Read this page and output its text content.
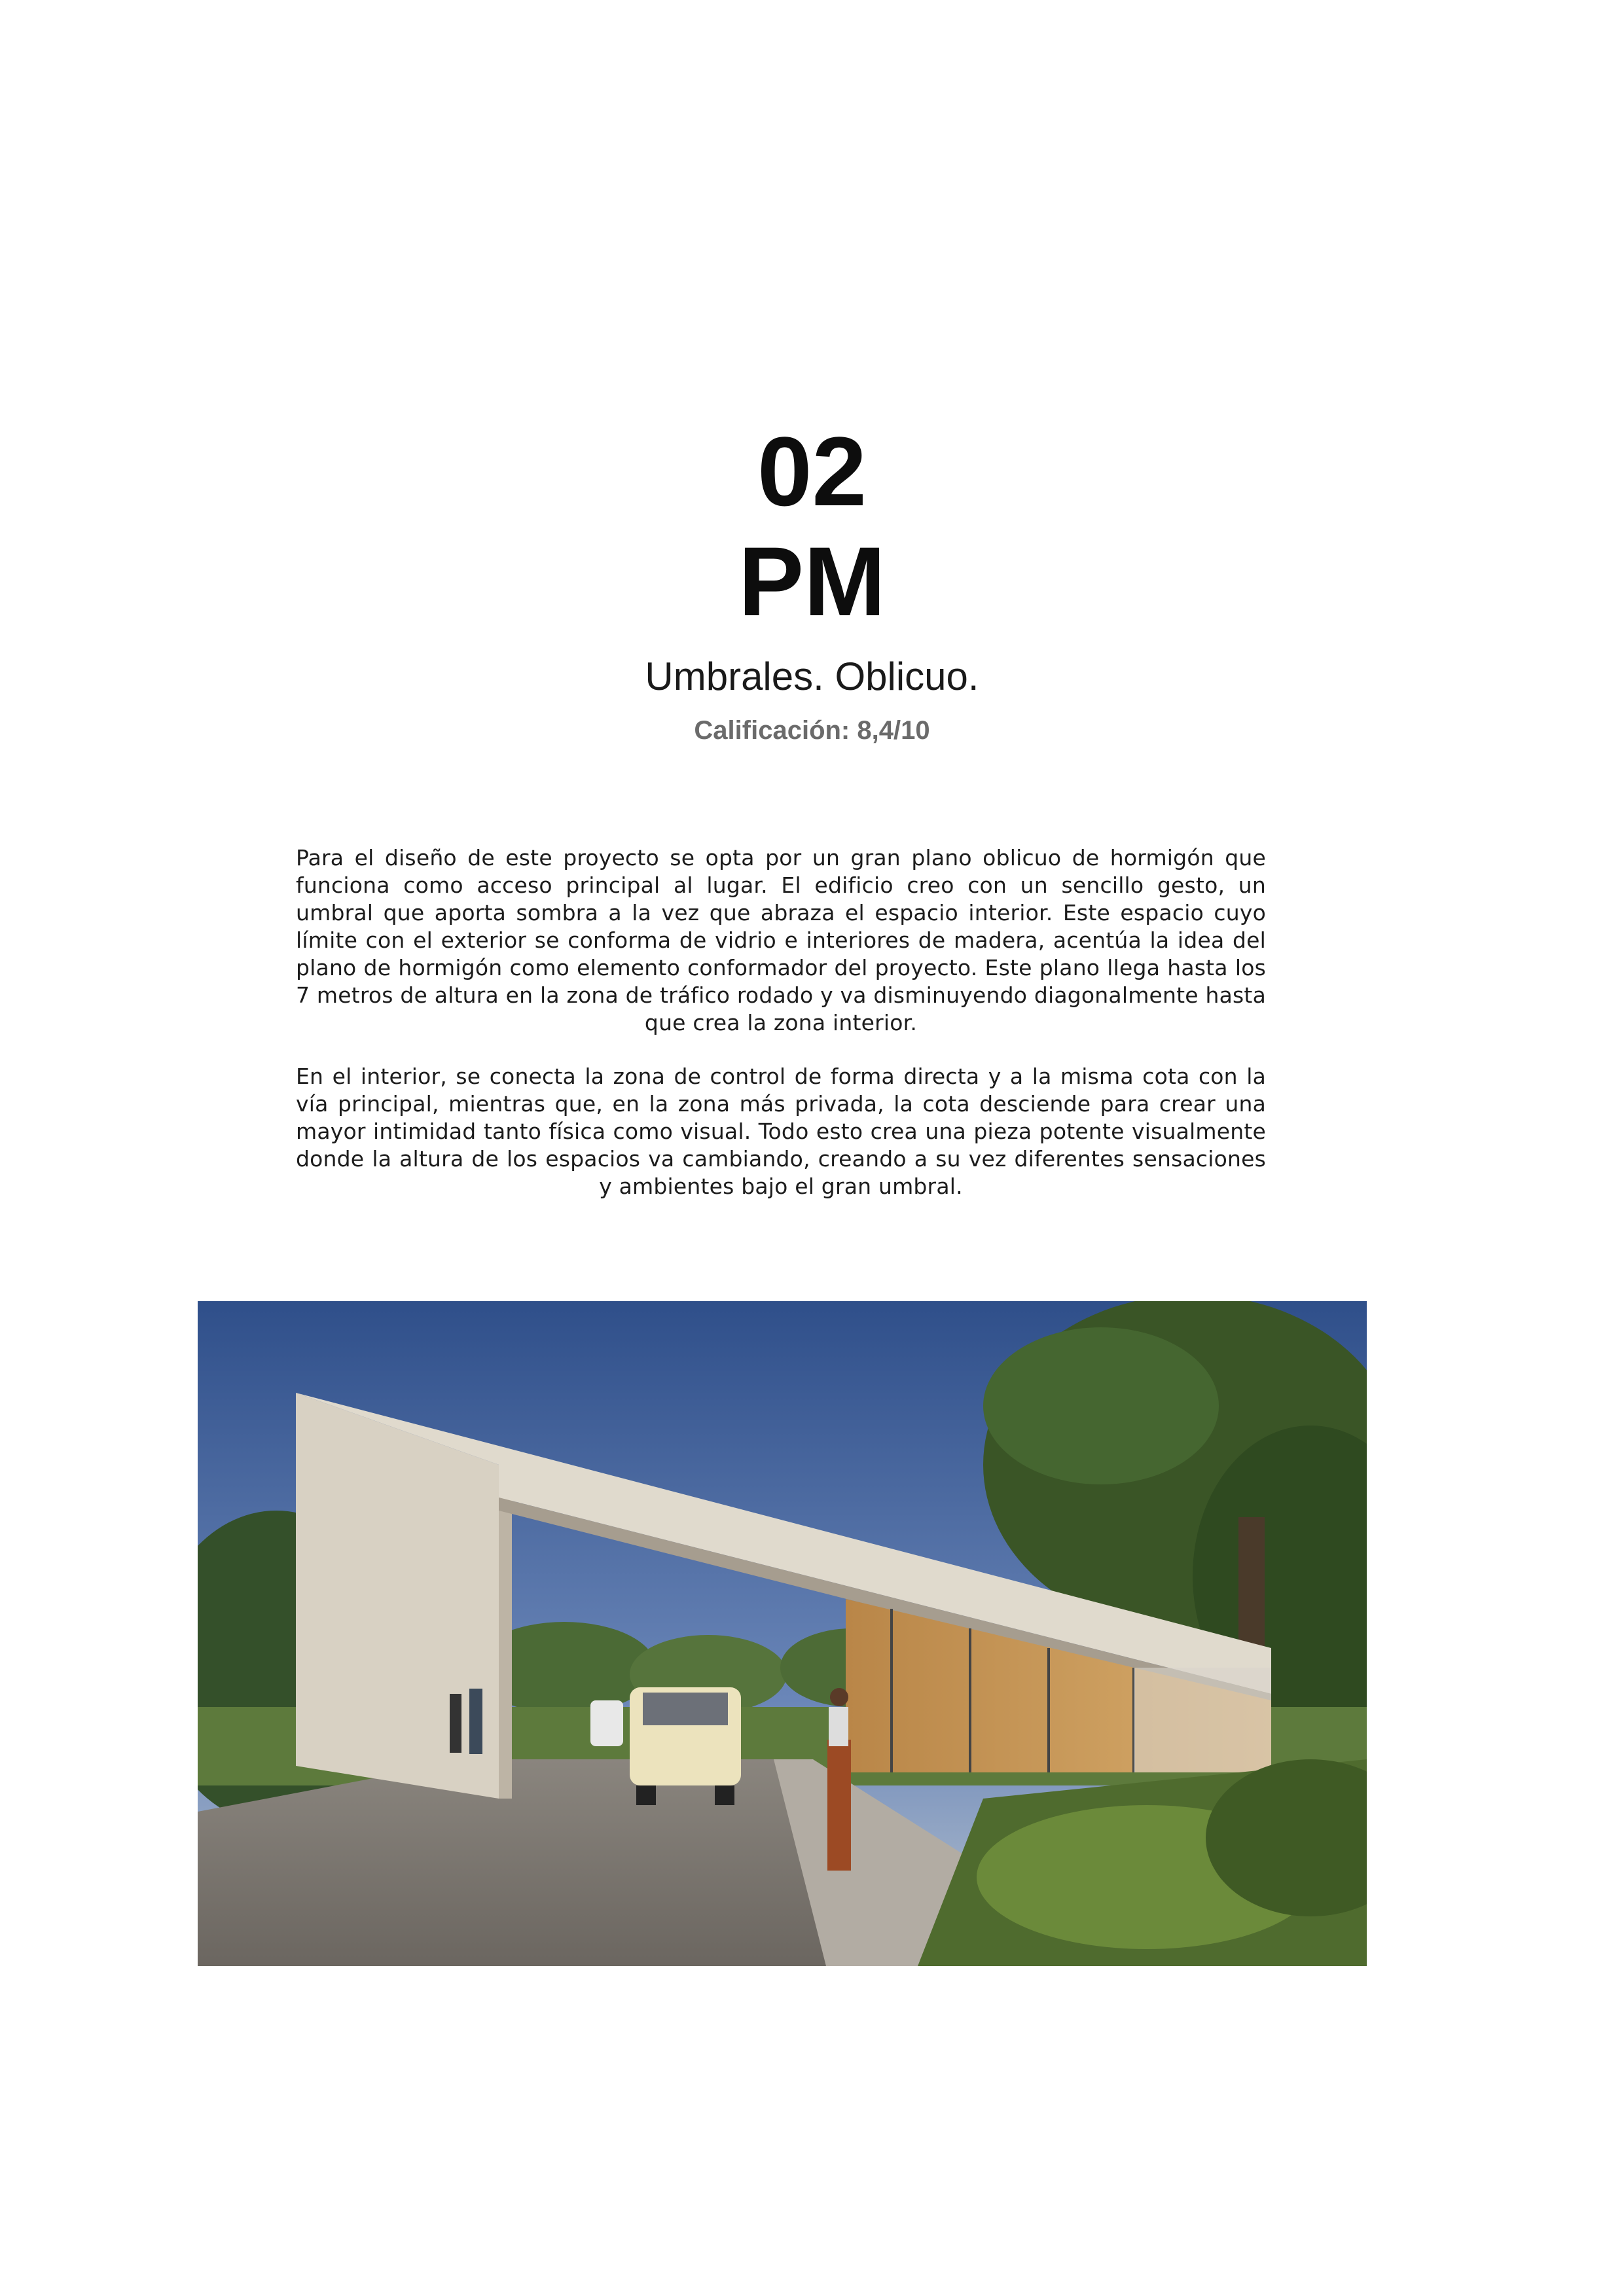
02
PM
Umbrales. Oblicuo.
Calificación: 8,4/10
Para el diseño de este proyecto se opta por un gran plano oblicuo de hormigón que funciona como acceso principal al lugar. El edificio creo con un sencillo gesto, un umbral que aporta sombra a la vez que abraza el espacio interior. Este espacio cuyo límite con el exterior se conforma de vidrio e interiores de madera, acentúa la idea del plano de hormigón como elemento conformador del proyecto. Este plano llega hasta los 7 metros de altura en la zona de tráfico rodado y va disminuyendo diagonalmente hasta que crea la zona interior.
En el interior, se conecta la zona de control de forma directa y a la misma cota con la vía principal, mientras que, en la zona más privada, la cota desciende para crear una mayor intimidad tanto física como visual. Todo esto crea una pieza potente visualmente donde la altura de los espacios va cambiando, creando a su vez diferentes sensaciones y ambientes bajo el gran umbral.
